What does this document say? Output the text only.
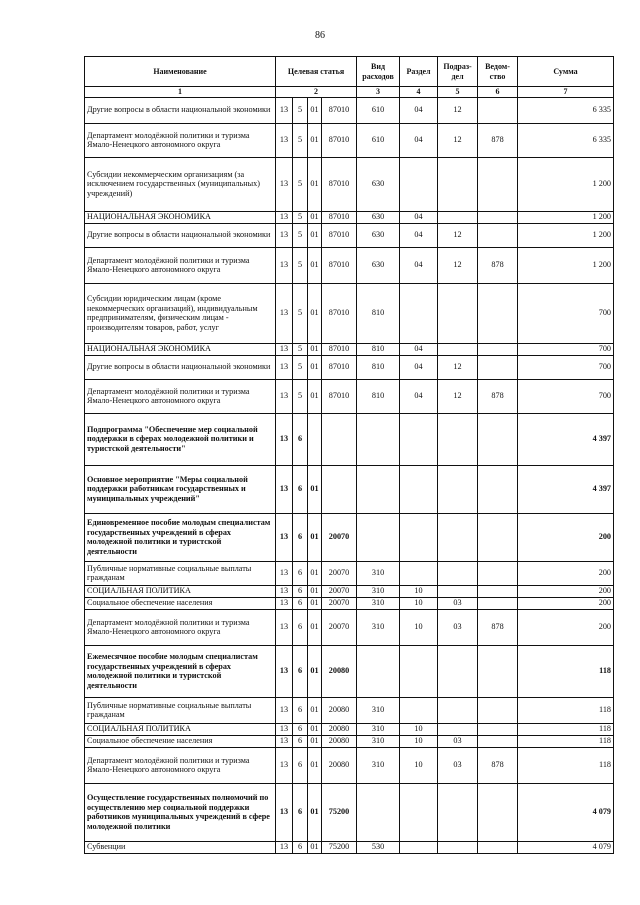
86
Наименование	Целевая статья				Вид расходов	Раздел	Подраз-дел	Ведом-ство	Сумма
1	2				3	4	5	6	7
Другие вопросы в области национальной экономики	13	5	01	87010	610	04	12		6 335
Департамент молодёжной политики и туризма Ямало-Ненецкого автономного округа	13	5	01	87010	610	04	12	878	6 335
Субсидии некоммерческим организациям (за исключением государственных (муниципальных) учреждений)	13	5	01	87010	630				1 200
НАЦИОНАЛЬНАЯ ЭКОНОМИКА	13	5	01	87010	630	04			1 200
Другие вопросы в области национальной экономики	13	5	01	87010	630	04	12		1 200
Департамент молодёжной политики и туризма Ямало-Ненецкого автономного округа	13	5	01	87010	630	04	12	878	1 200
Субсидии юридическим лицам (кроме некоммерческих организаций), индивидуальным предпринимателям, физическим лицам - производителям товаров, работ, услуг	13	5	01	87010	810				700
НАЦИОНАЛЬНАЯ ЭКОНОМИКА	13	5	01	87010	810	04			700
Другие вопросы в области национальной экономики	13	5	01	87010	810	04	12		700
Департамент молодёжной политики и туризма Ямало-Ненецкого автономного округа	13	5	01	87010	810	04	12	878	700
Подпрограмма "Обеспечение мер социальной поддержки в сферах молодежной политики и туристской деятельности"	13	6							4 397
Основное мероприятие "Меры социальной поддержки работникам государственных и муниципальных учреждений"	13	6	01						4 397
Единовременное пособие молодым специалистам государственных учреждений в сферах молодежной политики и туристской деятельности	13	6	01	20070					200
Публичные нормативные социальные выплаты гражданам	13	6	01	20070	310				200
СОЦИАЛЬНАЯ ПОЛИТИКА	13	6	01	20070	310	10			200
Социальное обеспечение населения	13	6	01	20070	310	10	03		200
Департамент молодёжной политики и туризма Ямало-Ненецкого автономного округа	13	6	01	20070	310	10	03	878	200
Ежемесячное пособие молодым специалистам государственных учреждений в сферах молодежной политики и туристской деятельности	13	6	01	20080					118
Публичные нормативные социальные выплаты гражданам	13	6	01	20080	310				118
СОЦИАЛЬНАЯ ПОЛИТИКА	13	6	01	20080	310	10			118
Социальное обеспечение населения	13	6	01	20080	310	10	03		118
Департамент молодёжной политики и туризма Ямало-Ненецкого автономного округа	13	6	01	20080	310	10	03	878	118
Осуществление государственных полномочий по осуществлению мер социальной поддержки работников муниципальных учреждений в сфере молодежной политики	13	6	01	75200					4 079
Субвенции	13	6	01	75200	530				4 079
